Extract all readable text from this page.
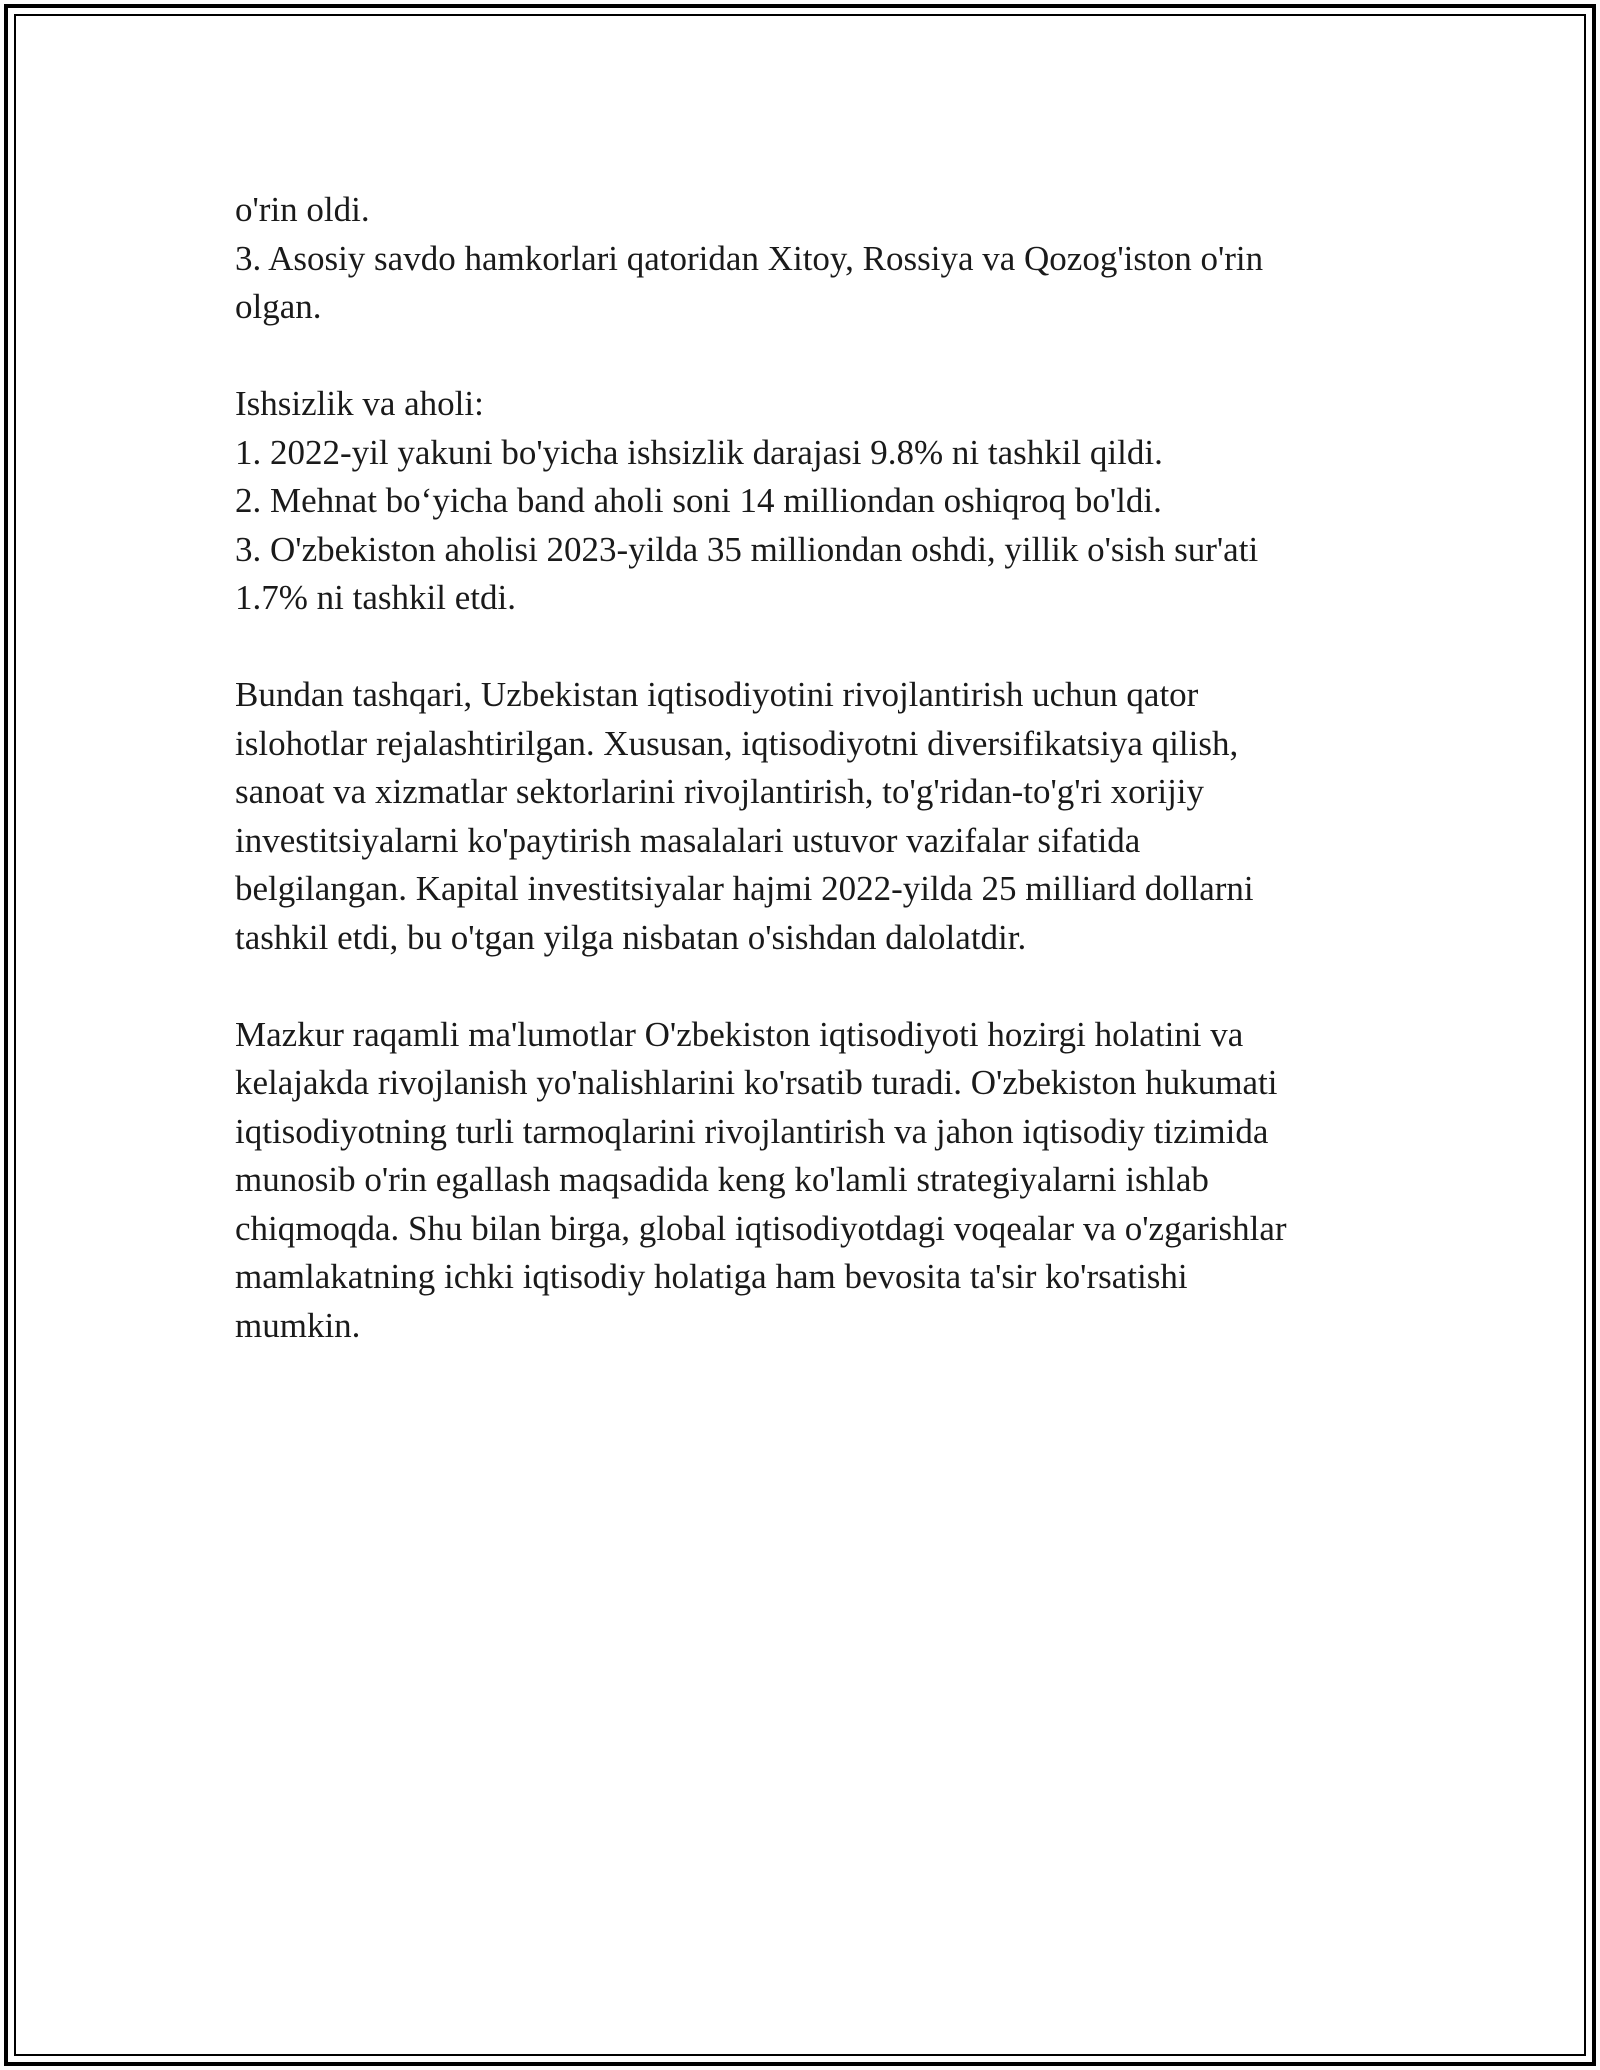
o'rin oldi.
3. Asosiy savdo hamkorlari qatoridan Xitoy, Rossiya va Qozog'iston o'rin
olgan.
Ishsizlik va aholi:
1. 2022-yil yakuni bo'yicha ishsizlik darajasi 9.8% ni tashkil qildi.
2. Mehnat bo‘yicha band aholi soni 14 milliondan oshiqroq bo'ldi.
3. O'zbekiston aholisi 2023-yilda 35 milliondan oshdi, yillik o'sish sur'ati
1.7% ni tashkil etdi.
Bundan tashqari, Uzbekistan iqtisodiyotini rivojlantirish uchun qator
islohotlar rejalashtirilgan. Xususan, iqtisodiyotni diversifikatsiya qilish,
sanoat va xizmatlar sektorlarini rivojlantirish, to'g'ridan-to'g'ri xorijiy
investitsiyalarni ko'paytirish masalalari ustuvor vazifalar sifatida
belgilangan. Kapital investitsiyalar hajmi 2022-yilda 25 milliard dollarni
tashkil etdi, bu o'tgan yilga nisbatan o'sishdan dalolatdir.
Mazkur raqamli ma'lumotlar O'zbekiston iqtisodiyoti hozirgi holatini va
kelajakda rivojlanish yo'nalishlarini ko'rsatib turadi. O'zbekiston hukumati
iqtisodiyotning turli tarmoqlarini rivojlantirish va jahon iqtisodiy tizimida
munosib o'rin egallash maqsadida keng ko'lamli strategiyalarni ishlab
chiqmoqda. Shu bilan birga, global iqtisodiyotdagi voqealar va o'zgarishlar
mamlakatning ichki iqtisodiy holatiga ham bevosita ta'sir ko'rsatishi
mumkin.
